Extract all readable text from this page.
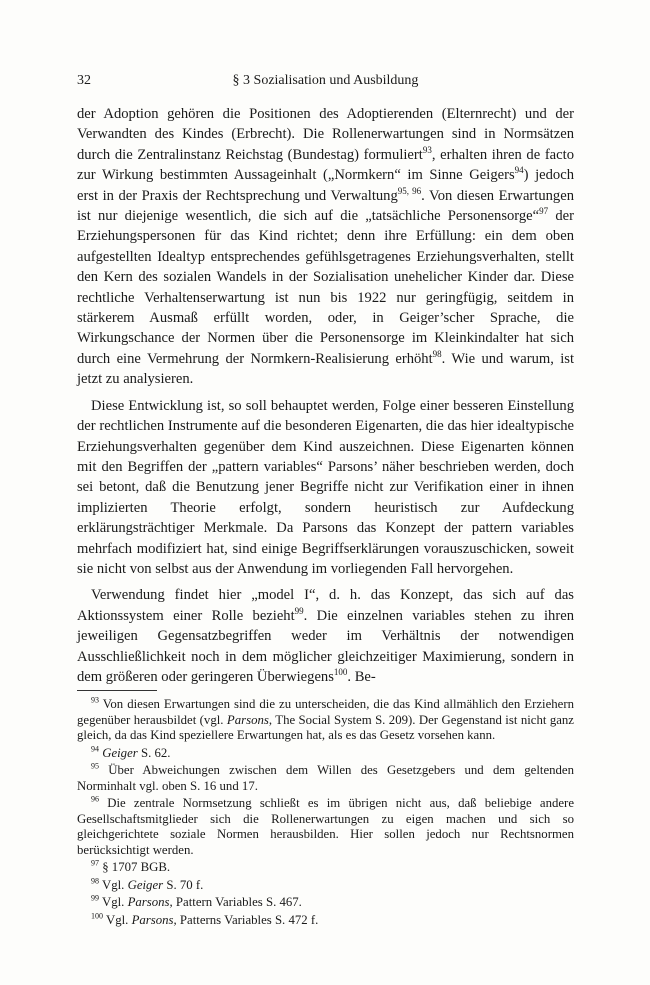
32	§ 3 Sozialisation und Ausbildung

der Adoption gehören die Positionen des Adoptierenden (Elternrecht) und der Verwandten des Kindes (Erbrecht). Die Rollenerwartungen sind in Normsätzen durch die Zentralinstanz Reichstag (Bundestag) formuliert$^{93}$, erhalten ihren de facto zur Wirkung bestimmten Aussageinhalt („Normkern“ im Sinne Geigers$^{94}$) jedoch erst in der Praxis der Rechtsprechung und Verwaltung$^{95, 96}$. Von diesen Erwartungen ist nur diejenige wesentlich, die sich auf die „tatsächliche Personensorge“$^{97}$ der Erziehungspersonen für das Kind richtet; denn ihre Erfüllung: ein dem oben aufgestellten Idealtyp entsprechendes gefühlsgetragenes Erziehungsverhalten, stellt den Kern des sozialen Wandels in der Sozialisation unehelicher Kinder dar. Diese rechtliche Verhaltenserwartung ist nun bis 1922 nur geringfügig, seitdem in stärkerem Ausmaß erfüllt worden, oder, in Geiger’scher Sprache, die Wirkungschance der Normen über die Personensorge im Kleinkindalter hat sich durch eine Vermehrung der Normkern-Realisierung erhöht$^{98}$. Wie und warum, ist jetzt zu analysieren.

Diese Entwicklung ist, so soll behauptet werden, Folge einer besseren Einstellung der rechtlichen Instrumente auf die besonderen Eigenarten, die das hier idealtypische Erziehungsverhalten gegenüber dem Kind auszeichnen. Diese Eigenarten können mit den Begriffen der „pattern variables“ Parsons’ näher beschrieben werden, doch sei betont, daß die Benutzung jener Begriffe nicht zur Verifikation einer in ihnen implizierten Theorie erfolgt, sondern heuristisch zur Aufdeckung erklärungsträchtiger Merkmale. Da Parsons das Konzept der pattern variables mehrfach modifiziert hat, sind einige Begriffserklärungen vorauszuschicken, soweit sie nicht von selbst aus der Anwendung im vorliegenden Fall hervorgehen.

Verwendung findet hier „model I“, d. h. das Konzept, das sich auf das Aktionssystem einer Rolle bezieht$^{99}$. Die einzelnen variables stehen zu ihren jeweiligen Gegensatzbegriffen weder im Verhältnis der notwendigen Ausschließlichkeit noch in dem möglicher gleichzeitiger Maximierung, sondern in dem größeren oder geringeren Überwiegens$^{100}$. Be-

$^{93}$ Von diesen Erwartungen sind die zu unterscheiden, die das Kind allmählich den Erziehern gegenüber herausbildet (vgl. Parsons, The Social System S. 209). Der Gegenstand ist nicht ganz gleich, da das Kind speziellere Erwartungen hat, als es das Gesetz vorsehen kann.

$^{94}$ Geiger S. 62.

$^{95}$ Über Abweichungen zwischen dem Willen des Gesetzgebers und dem geltenden Norminhalt vgl. oben S. 16 und 17.

$^{96}$ Die zentrale Normsetzung schließt es im übrigen nicht aus, daß beliebige andere Gesellschaftsmitglieder sich die Rollenerwartungen zu eigen machen und sich so gleichgerichtete soziale Normen herausbilden. Hier sollen jedoch nur Rechtsnormen berücksichtigt werden.

$^{97}$ § 1707 BGB.

$^{98}$ Vgl. Geiger S. 70 f.

$^{99}$ Vgl. Parsons, Pattern Variables S. 467.

$^{100}$ Vgl. Parsons, Patterns Variables S. 472 f.
